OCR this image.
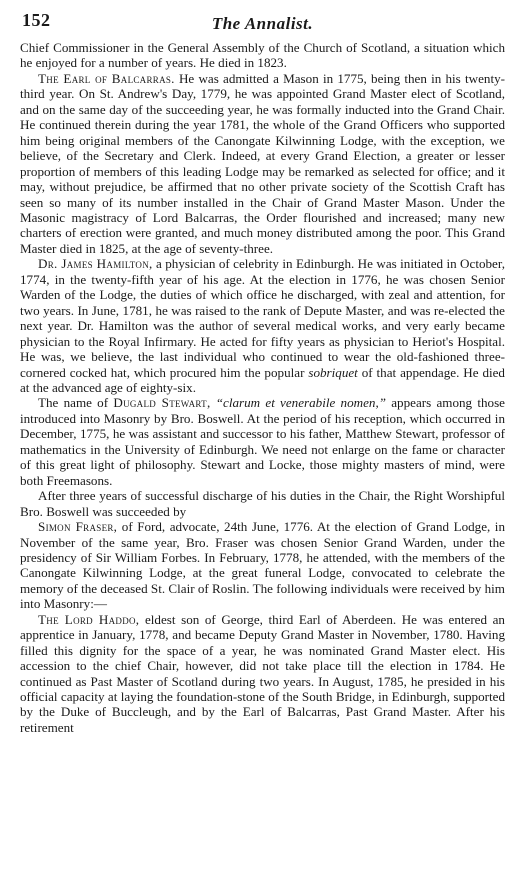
152	The Annalist.

Chief Commissioner in the General Assembly of the Church of Scotland, a situation which he enjoyed for a number of years. He died in 1823.

The Earl of Balcarras. He was admitted a Mason in 1775, being then in his twenty-third year. On St. Andrew's Day, 1779, he was appointed Grand Master elect of Scotland, and on the same day of the succeeding year, he was formally inducted into the Grand Chair. He continued therein during the year 1781, the whole of the Grand Officers who supported him being original members of the Canongate Kilwinning Lodge, with the exception, we believe, of the Secretary and Clerk. Indeed, at every Grand Election, a greater or lesser proportion of members of this leading Lodge may be remarked as selected for office; and it may, without prejudice, be affirmed that no other private society of the Scottish Craft has seen so many of its number installed in the Chair of Grand Master Mason. Under the Masonic magistracy of Lord Balcarras, the Order flourished and increased; many new charters of erection were granted, and much money distributed among the poor. This Grand Master died in 1825, at the age of seventy-three.

Dr. James Hamilton, a physician of celebrity in Edinburgh. He was initiated in October, 1774, in the twenty-fifth year of his age. At the election in 1776, he was chosen Senior Warden of the Lodge, the duties of which office he discharged, with zeal and attention, for two years. In June, 1781, he was raised to the rank of Depute Master, and was re-elected the next year. Dr. Hamilton was the author of several medical works, and very early became physician to the Royal Infirmary. He acted for fifty years as physician to Heriot's Hospital. He was, we believe, the last individual who continued to wear the old-fashioned three-cornered cocked hat, which procured him the popular sobriquet of that appendage. He died at the advanced age of eighty-six.

The name of Dugald Stewart, “clarum et venerabile nomen,” appears among those introduced into Masonry by Bro. Boswell. At the period of his reception, which occurred in December, 1775, he was assistant and successor to his father, Matthew Stewart, professor of mathematics in the University of Edinburgh. We need not enlarge on the fame or character of this great light of philosophy. Stewart and Locke, those mighty masters of mind, were both Freemasons.

After three years of successful discharge of his duties in the Chair, the Right Worshipful Bro. Boswell was succeeded by

Simon Fraser, of Ford, advocate, 24th June, 1776. At the election of Grand Lodge, in November of the same year, Bro. Fraser was chosen Senior Grand Warden, under the presidency of Sir William Forbes. In February, 1778, he attended, with the members of the Canongate Kilwinning Lodge, at the great funeral Lodge, convocated to celebrate the memory of the deceased St. Clair of Roslin. The following individuals were received by him into Masonry:—

The Lord Haddo, eldest son of George, third Earl of Aberdeen. He was entered an apprentice in January, 1778, and became Deputy Grand Master in November, 1780. Having filled this dignity for the space of a year, he was nominated Grand Master elect. His accession to the chief Chair, however, did not take place till the election in 1784. He continued as Past Master of Scotland during two years. In August, 1785, he presided in his official capacity at laying the foundation-stone of the South Bridge, in Edinburgh, supported by the Duke of Buccleugh, and by the Earl of Balcarras, Past Grand Master. After his retirement
